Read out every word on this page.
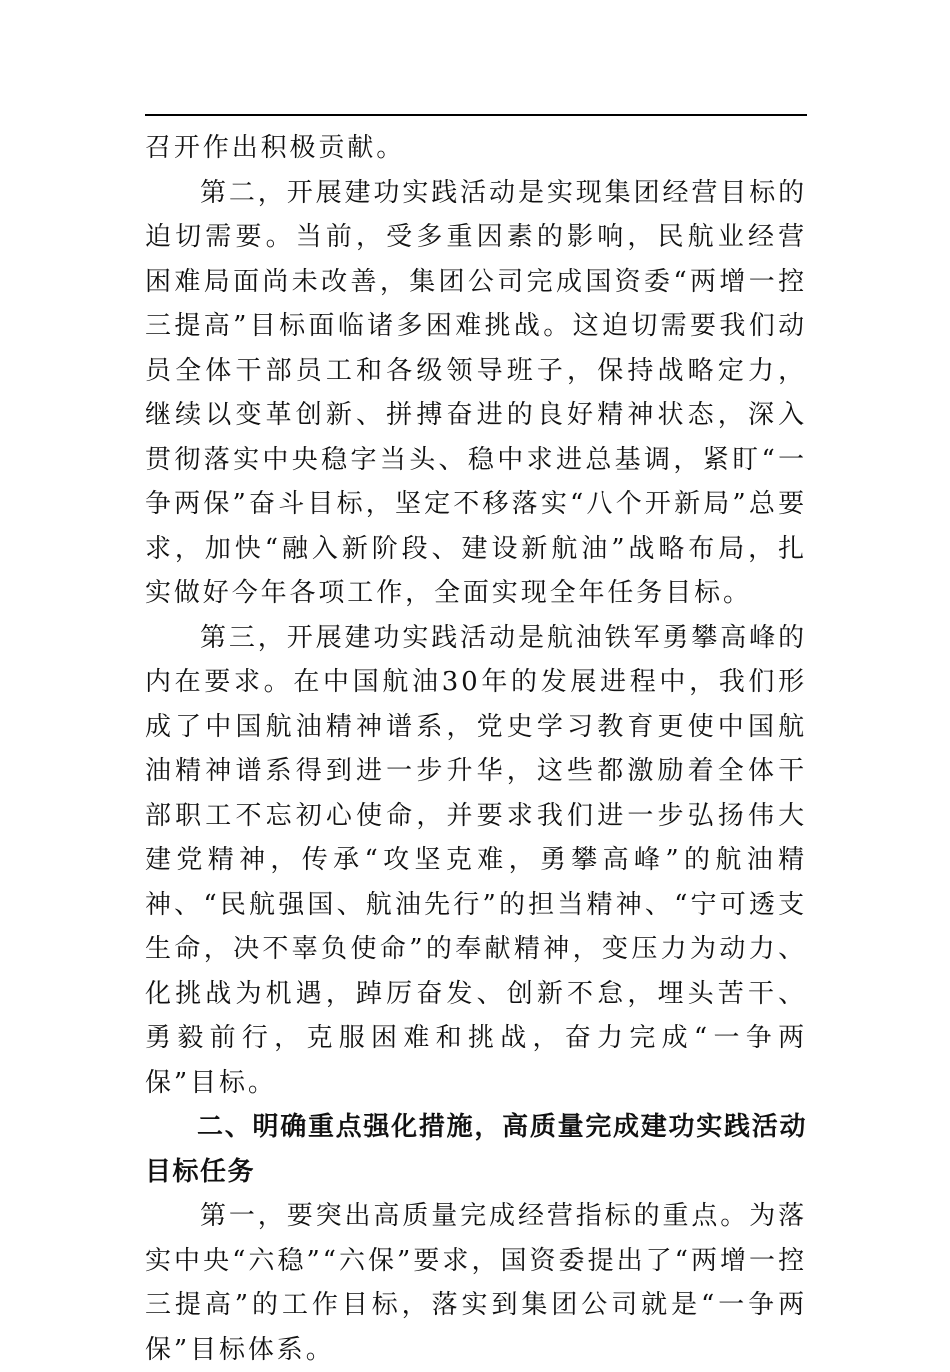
召开作出积极贡献。

第二，开展建功实践活动是实现集团经营目标的迫切需要。当前，受多重因素的影响，民航业经营困难局面尚未改善，集团公司完成国资委“两增一控三提高”目标面临诸多困难挑战。这迫切需要我们动员全体干部员工和各级领导班子，保持战略定力，继续以变革创新、拼搏奋进的良好精神状态，深入贯彻落实中央稳字当头、稳中求进总基调，紧盯“一争两保”奋斗目标，坚定不移落实“八个开新局”总要求，加快“融入新阶段、建设新航油”战略布局，扎实做好今年各项工作，全面实现全年任务目标。

第三，开展建功实践活动是航油铁军勇攀高峰的内在要求。在中国航油30年的发展进程中，我们形成了中国航油精神谱系，党史学习教育更使中国航油精神谱系得到进一步升华，这些都激励着全体干部职工不忘初心使命，并要求我们进一步弘扬伟大建党精神，传承“攻坚克难，勇攀高峰”的航油精神、“民航强国、航油先行”的担当精神、“宁可透支生命，决不辜负使命”的奉献精神，变压力为动力、化挑战为机遇，踔厉奋发、创新不怠，埋头苦干、勇毅前行，克服困难和挑战，奋力完成“一争两保”目标。

二、明确重点强化措施，高质量完成建功实践活动目标任务

第一，要突出高质量完成经营指标的重点。为落实中央“六稳”“六保”要求，国资委提出了“两增一控三提高”的工作目标，落实到集团公司就是“一争两保”目标体系。
